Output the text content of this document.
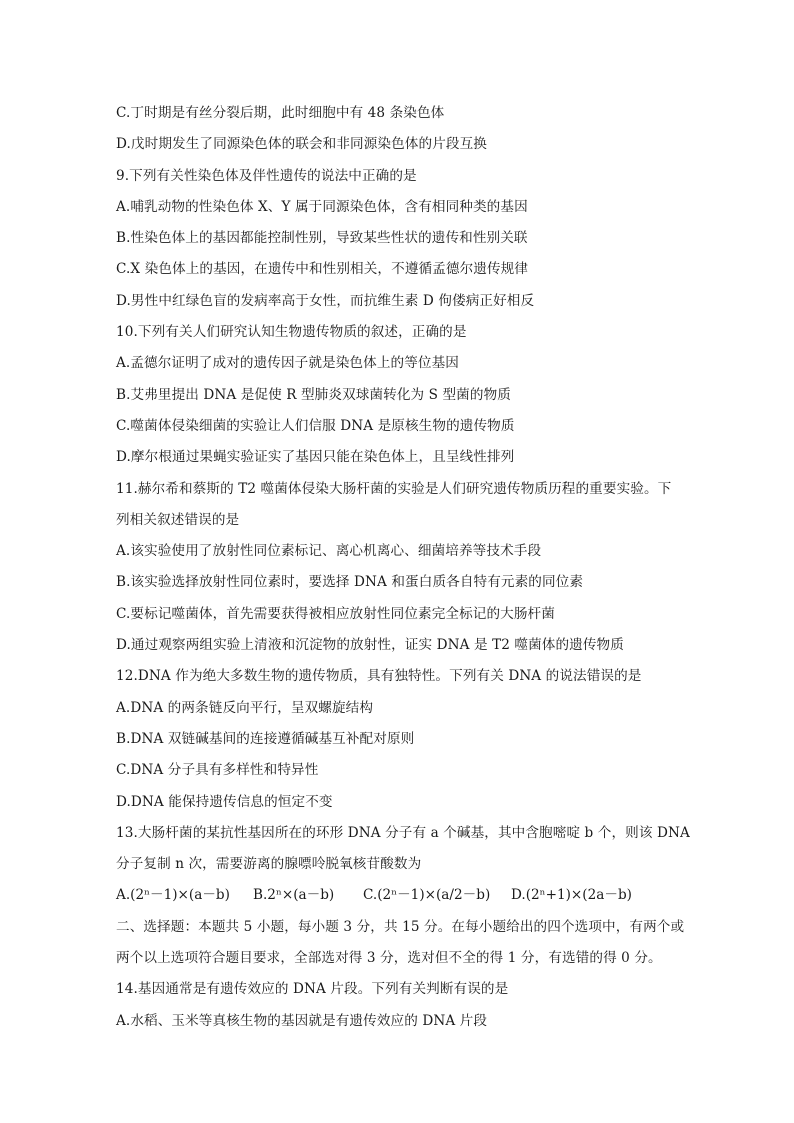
C.丁时期是有丝分裂后期，此时细胞中有 48 条染色体
D.戊时期发生了同源染色体的联会和非同源染色体的片段互换
9.下列有关性染色体及伴性遗传的说法中正确的是
A.哺乳动物的性染色体 X、Y 属于同源染色体，含有相同种类的基因
B.性染色体上的基因都能控制性别，导致某些性状的遗传和性别关联
C.X 染色体上的基因，在遗传中和性别相关，不遵循孟德尔遗传规律
D.男性中红绿色盲的发病率高于女性，而抗维生素 D 佝偻病正好相反
10.下列有关人们研究认知生物遗传物质的叙述，正确的是
A.孟德尔证明了成对的遗传因子就是染色体上的等位基因
B.艾弗里提出 DNA 是促使 R 型肺炎双球菌转化为 S 型菌的物质
C.噬菌体侵染细菌的实验让人们信服 DNA 是原核生物的遗传物质
D.摩尔根通过果蝇实验证实了基因只能在染色体上，且呈线性排列
11.赫尔希和蔡斯的 T2 噬菌体侵染大肠杆菌的实验是人们研究遗传物质历程的重要实验。下
列相关叙述错误的是
A.该实验使用了放射性同位素标记、离心机离心、细菌培养等技术手段
B.该实验选择放射性同位素时，要选择 DNA 和蛋白质各自特有元素的同位素
C.要标记噬菌体，首先需要获得被相应放射性同位素完全标记的大肠杆菌
D.通过观察两组实验上清液和沉淀物的放射性，证实 DNA 是 T2 噬菌体的遗传物质
12.DNA 作为绝大多数生物的遗传物质，具有独特性。下列有关 DNA 的说法错误的是
A.DNA 的两条链反向平行，呈双螺旋结构
B.DNA 双链碱基间的连接遵循碱基互补配对原则
C.DNA 分子具有多样性和特异性
D.DNA 能保持遗传信息的恒定不变
13.大肠杆菌的某抗性基因所在的环形 DNA 分子有 a 个碱基，其中含胞嘧啶 b 个，则该 DNA
分子复制 n 次，需要游离的腺嘌呤脱氧核苷酸数为
A.(2ⁿ－1)×(a－b)	B.2ⁿ×(a－b)	C.(2ⁿ－1)×(a/2－b)	D.(2ⁿ+1)×(2a－b)
二、选择题：本题共 5 小题，每小题 3 分，共 15 分。在每小题给出的四个选项中，有两个或
两个以上选项符合题目要求，全部选对得 3 分，选对但不全的得 1 分，有选错的得 0 分。
14.基因通常是有遗传效应的 DNA 片段。下列有关判断有误的是
A.水稻、玉米等真核生物的基因就是有遗传效应的 DNA 片段
